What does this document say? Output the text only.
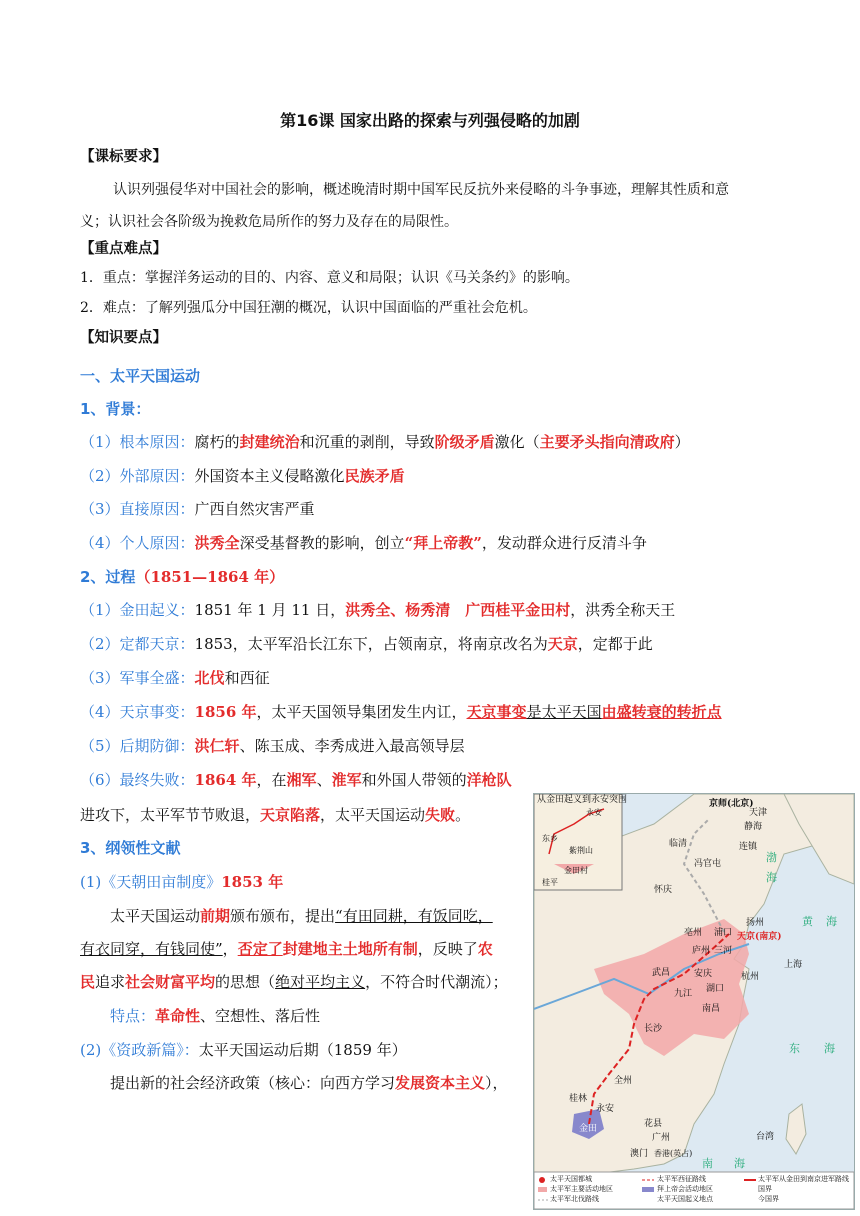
第16课 国家出路的探索与列强侵略的加剧
【课标要求】
认识列强侵华对中国社会的影响，概述晚清时期中国军民反抗外来侵略的斗争事迹，理解其性质和意
义；认识社会各阶级为挽救危局所作的努力及存在的局限性。
【重点难点】
1．重点：掌握洋务运动的目的、内容、意义和局限；认识《马关条约》的影响。
2．难点：了解列强瓜分中国狂潮的概况，认识中国面临的严重社会危机。
【知识要点】
一、太平天国运动
1、背景：
（1）根本原因：腐朽的封建统治和沉重的剥削，导致阶级矛盾激化（主要矛头指向清政府）
（2）外部原因：外国资本主义侵略激化民族矛盾
（3）直接原因：广西自然灾害严重
（4）个人原因：洪秀全深受基督教的影响，创立“拜上帝教”，发动群众进行反清斗争
2、过程（1851—1864 年）
（1）金田起义：1851 年 1 月 11 日，洪秀全、杨秀清　广西桂平金田村，洪秀全称天王
（2）定都天京：1853，太平军沿长江东下，占领南京，将南京改名为天京，定都于此
（3）军事全盛：北伐和西征
（4）天京事变：1856 年，太平天国领导集团发生内讧，天京事变是太平天国由盛转衰的转折点
（5）后期防御：洪仁轩、陈玉成、李秀成进入最高领导层
（6）最终失败：1864 年，在湘军、淮军和外国人带领的洋枪队
进攻下，太平军节节败退，天京陷落，太平天国运动失败。
3、纲领性文献
(1)《天朝田亩制度》1853 年
太平天国运动前期颁布颁布，提出“有田同耕，有饭同吃，
有衣同穿，有钱同使”，否定了封建地主土地所有制，反映了农
民追求社会财富平均的思想（绝对平均主义，不符合时代潮流）；
特点：革命性、空想性、落后性
(2)《资政新篇》：太平天国运动后期（1859 年）
提出新的社会经济政策（核心：向西方学习发展资本主义），
从金田起义到永安突围	京师(北京)
天津
静海
连镇
临清
冯官屯
怀庆
亳州
扬州
天京(南京)
浦口
庐州 三河
上海
杭州
武昌	安庆
湖口
九江
南昌
长沙
全州
桂林
永安
金田	花县
广州
澳门 香港(英占)
台湾
永安
紫荆山
金田村
桂平
东乡
渤
海
黄 海
东 海
南 海
太平天国都城
太平军主要活动地区
太平军北伐路线
太平军西征路线
拜上帝会活动地区
太平天国起义地点
太平军从金田到南京进军路线
国界
今国界
